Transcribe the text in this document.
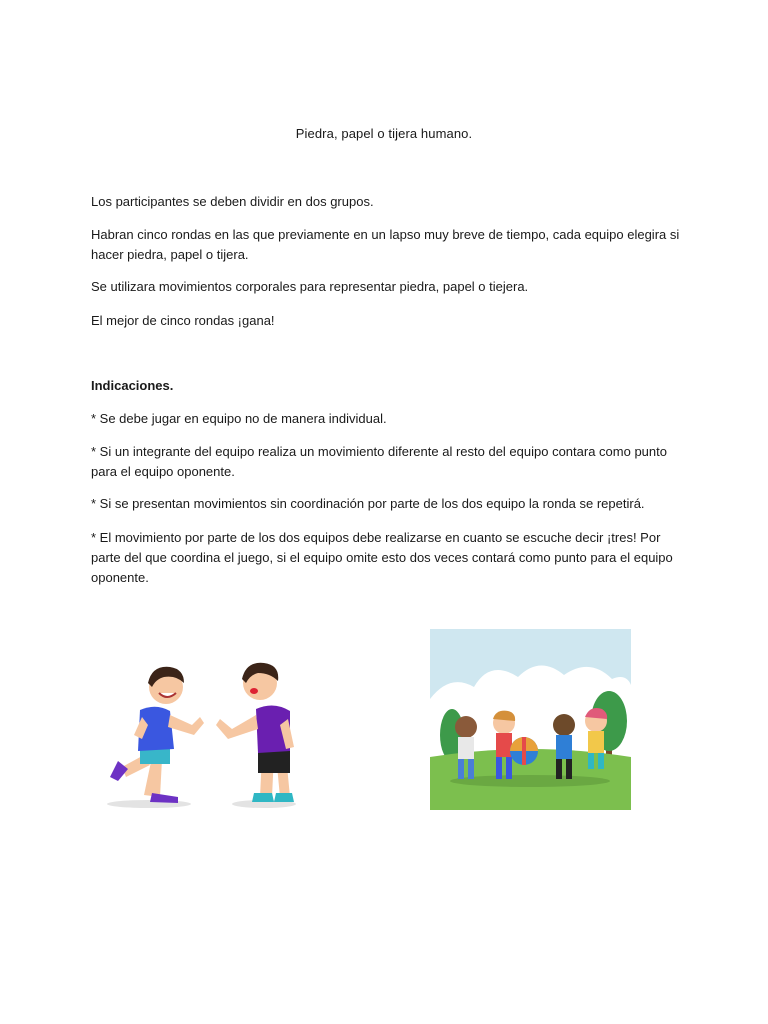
Piedra, papel o tijera humano.

Los participantes se deben dividir en dos grupos.

Habran cinco rondas en las que previamente en un lapso muy breve de tiempo, cada equipo elegira si hacer piedra, papel o tijera.

Se utilizara movimientos corporales para representar piedra, papel o tiejera.

El mejor de cinco rondas ¡gana!

Indicaciones.

* Se debe jugar en equipo no de manera individual.

* Si un integrante del equipo realiza un movimiento diferente al resto del equipo contara como punto para el equipo oponente.

* Si se presentan movimientos sin coordinación por parte de los dos equipo la ronda se repetirá.

* El movimiento por parte de los dos equipos debe realizarse en cuanto se escuche decir ¡tres! Por parte del que coordina el juego, si el equipo omite esto dos veces contará como punto para el equipo oponente.
